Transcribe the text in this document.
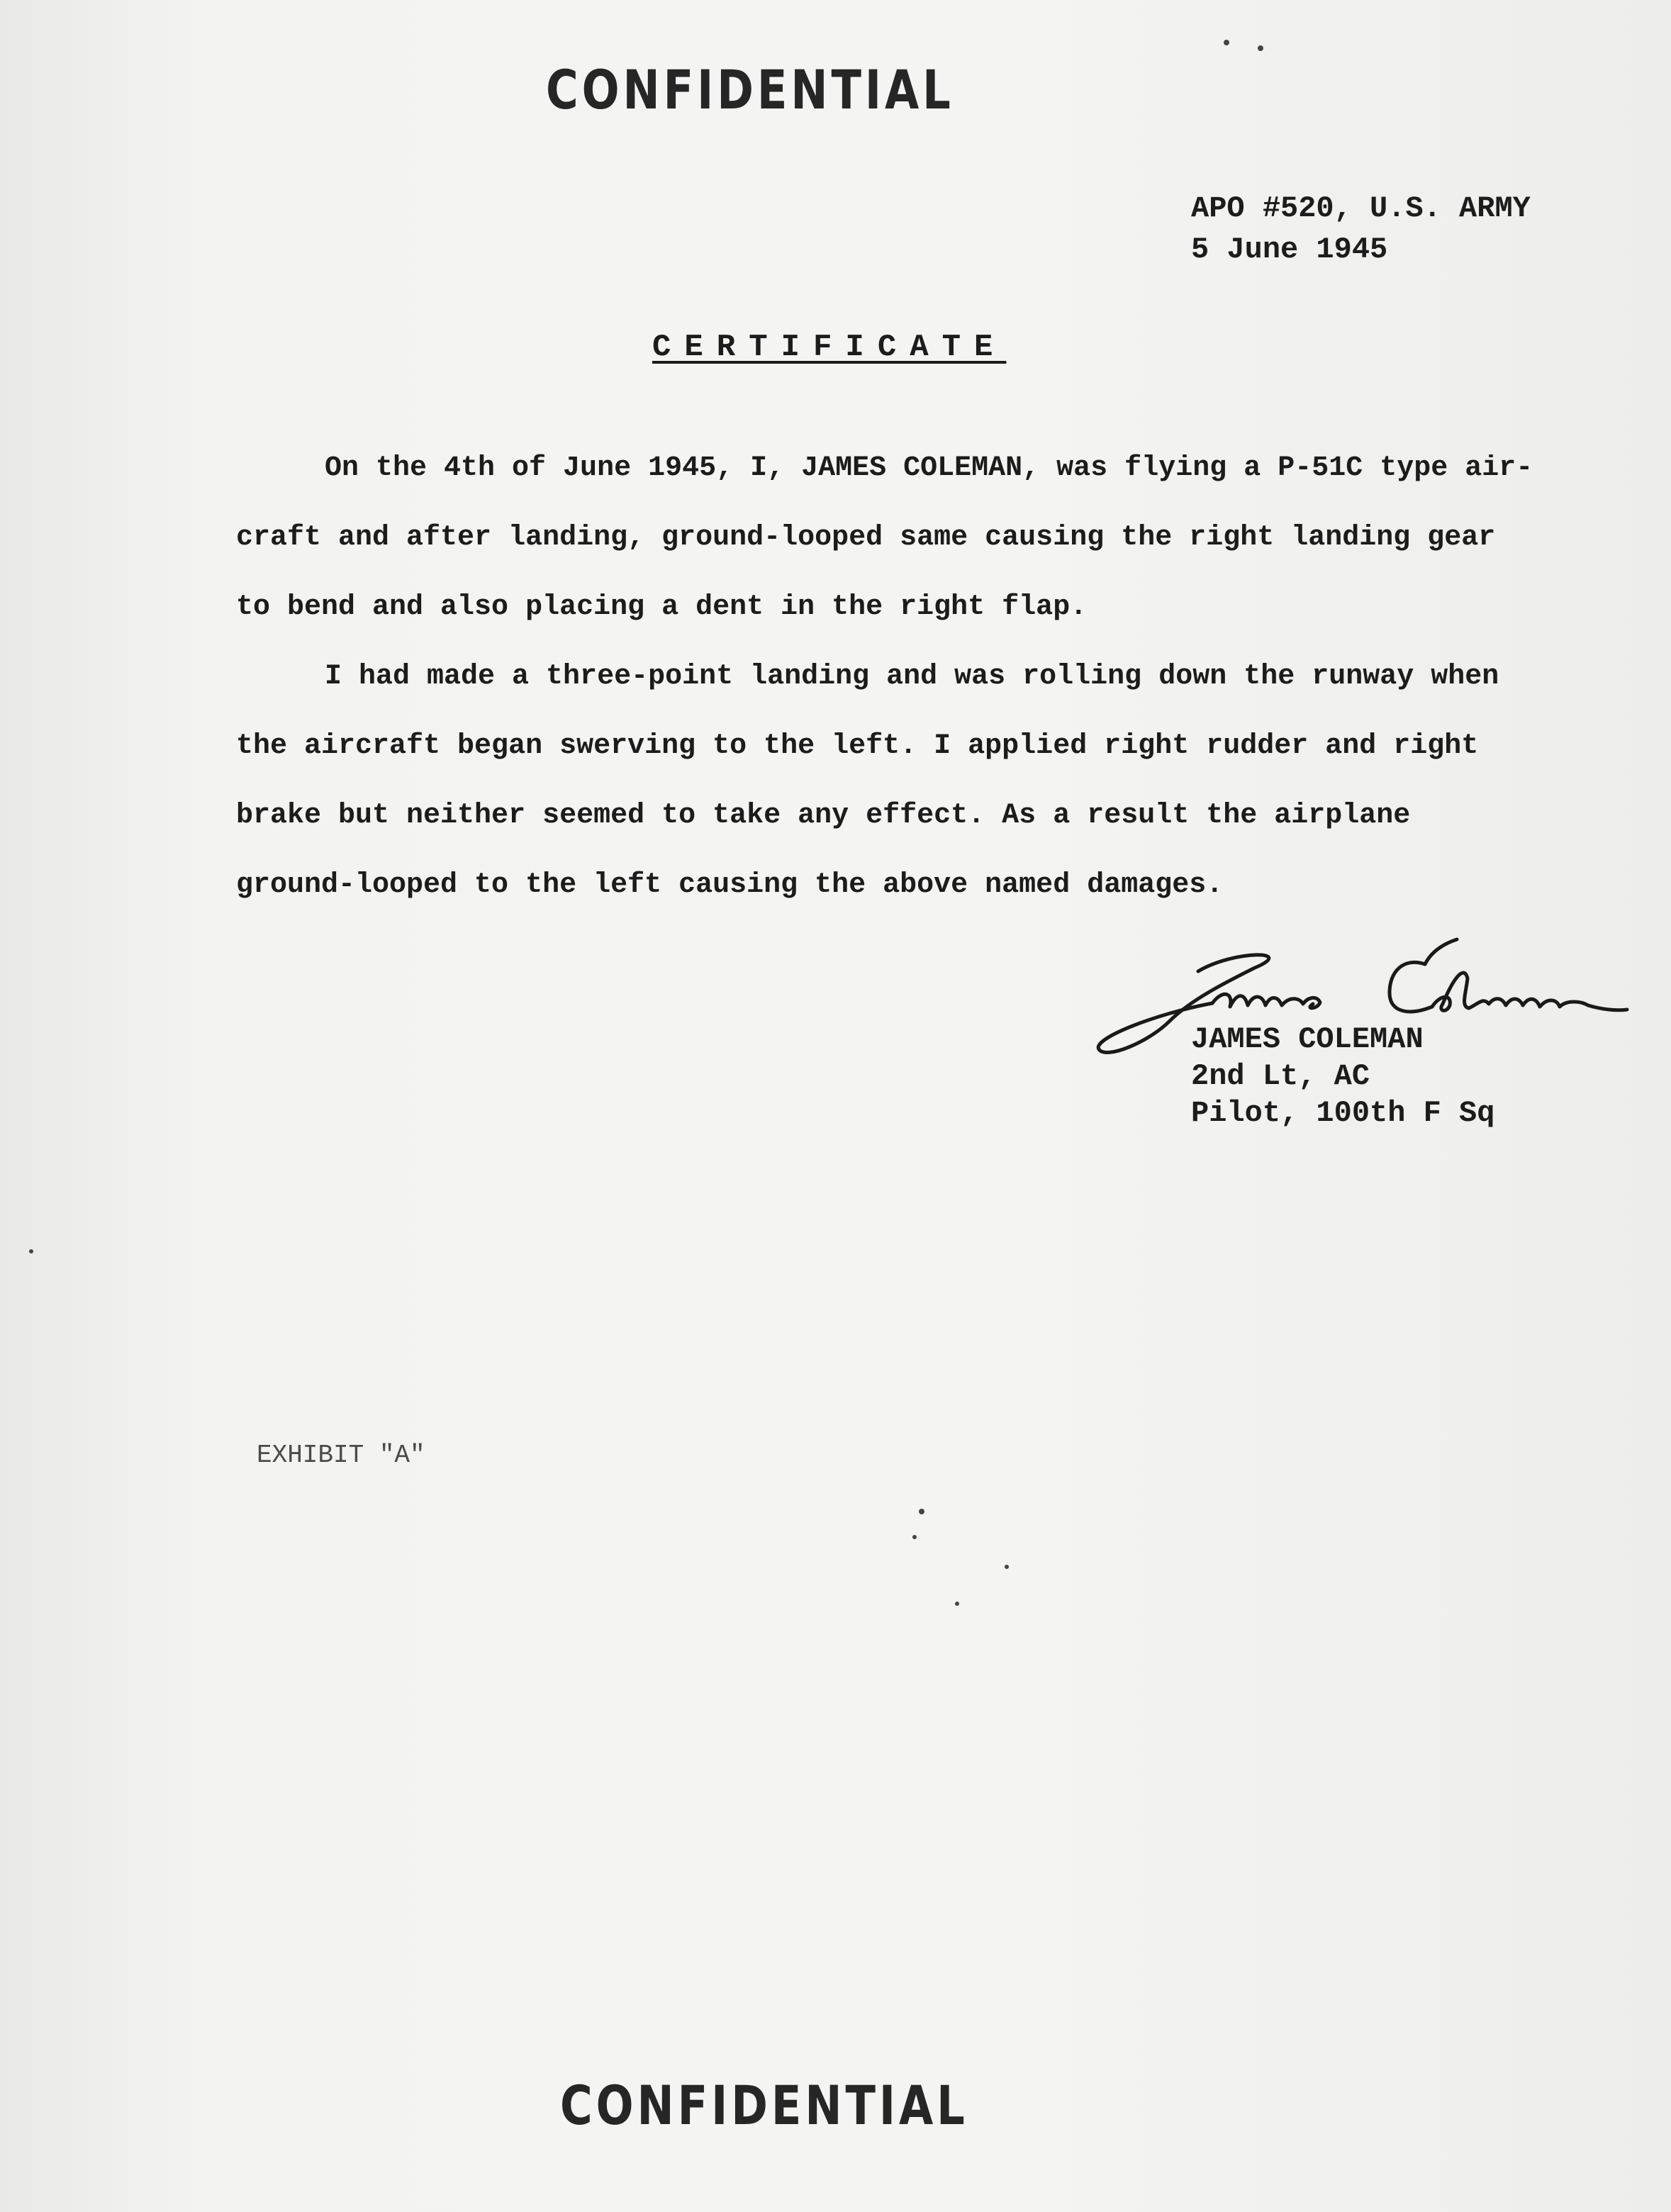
CONFIDENTIAL
APO #520, U.S. ARMY
5 June 1945
CERTIFICATE

On the 4th of June 1945, I, JAMES COLEMAN, was flying a P-51C type air-
craft and after landing, ground-looped same causing the right landing gear
to bend and also placing a dent in the right flap.

I had made a three-point landing and was rolling down the runway when
the aircraft began swerving to the left. I applied right rudder and right
brake but neither seemed to take any effect. As a result the airplane
ground-looped to the left causing the above named damages.

JAMES COLEMAN
2nd Lt, AC
Pilot, 100th F Sq
EXHIBIT "A"
CONFIDENTIAL
